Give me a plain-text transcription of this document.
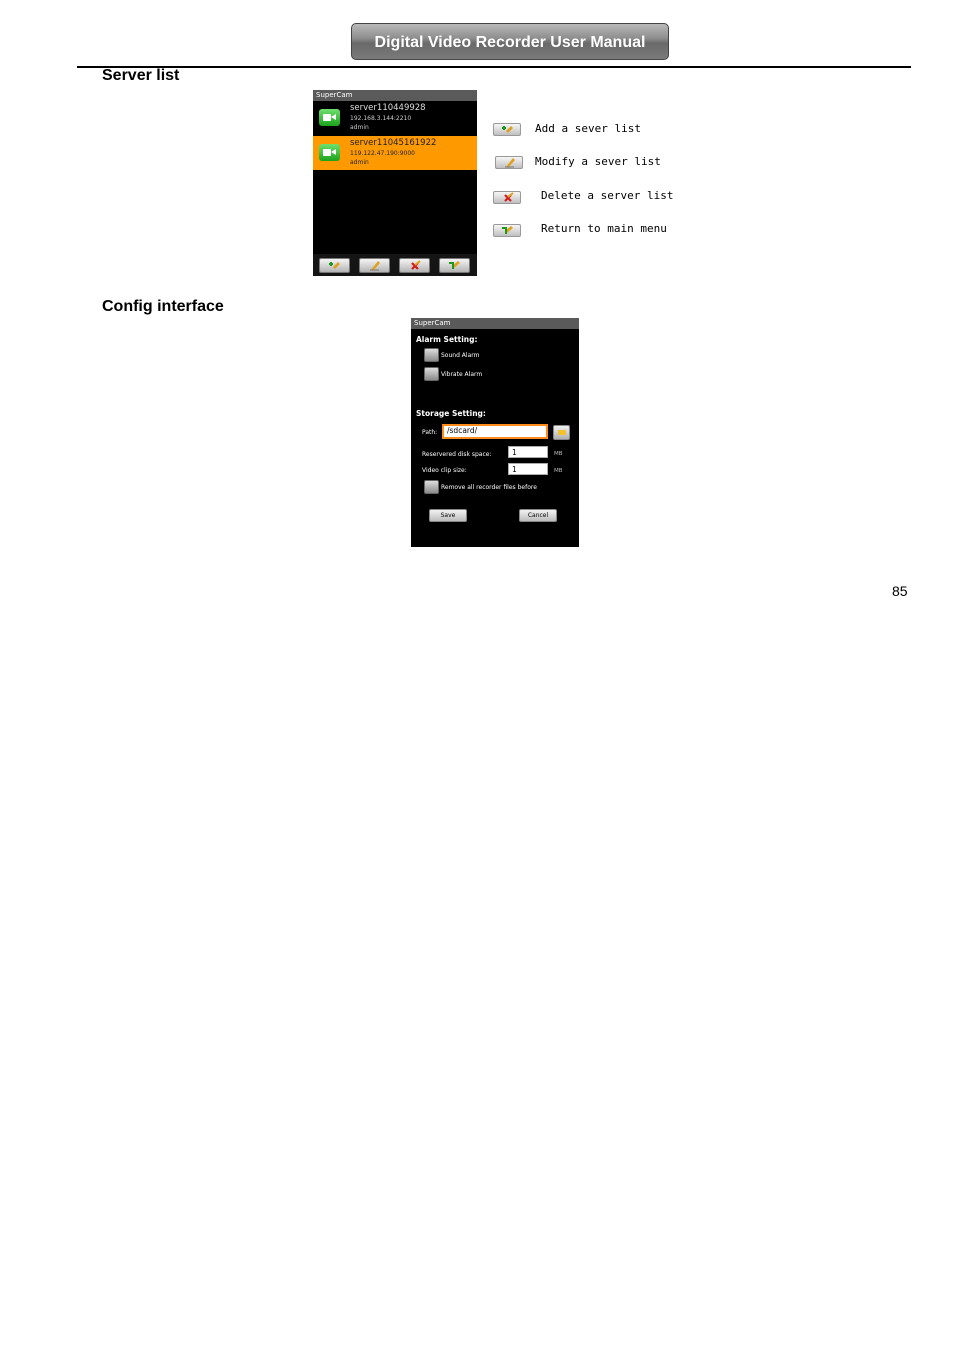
Digital Video Recorder User Manual
Server list
SuperCam
server110449928
192.168.3.144:2210
admin
server11045161922
119.122.47.190:9000
admin
Add a sever list
Modify a sever list
Delete a server list
Return to main menu
Config interface
SuperCam
Alarm Setting:
Sound Alarm
Vibrate Alarm
Storage Setting:
Path:	/sdcard/
Reservered disk space:	1	MB
Video clip size:	1	MB
Remove all recorder files before
Save	Cancel
85
